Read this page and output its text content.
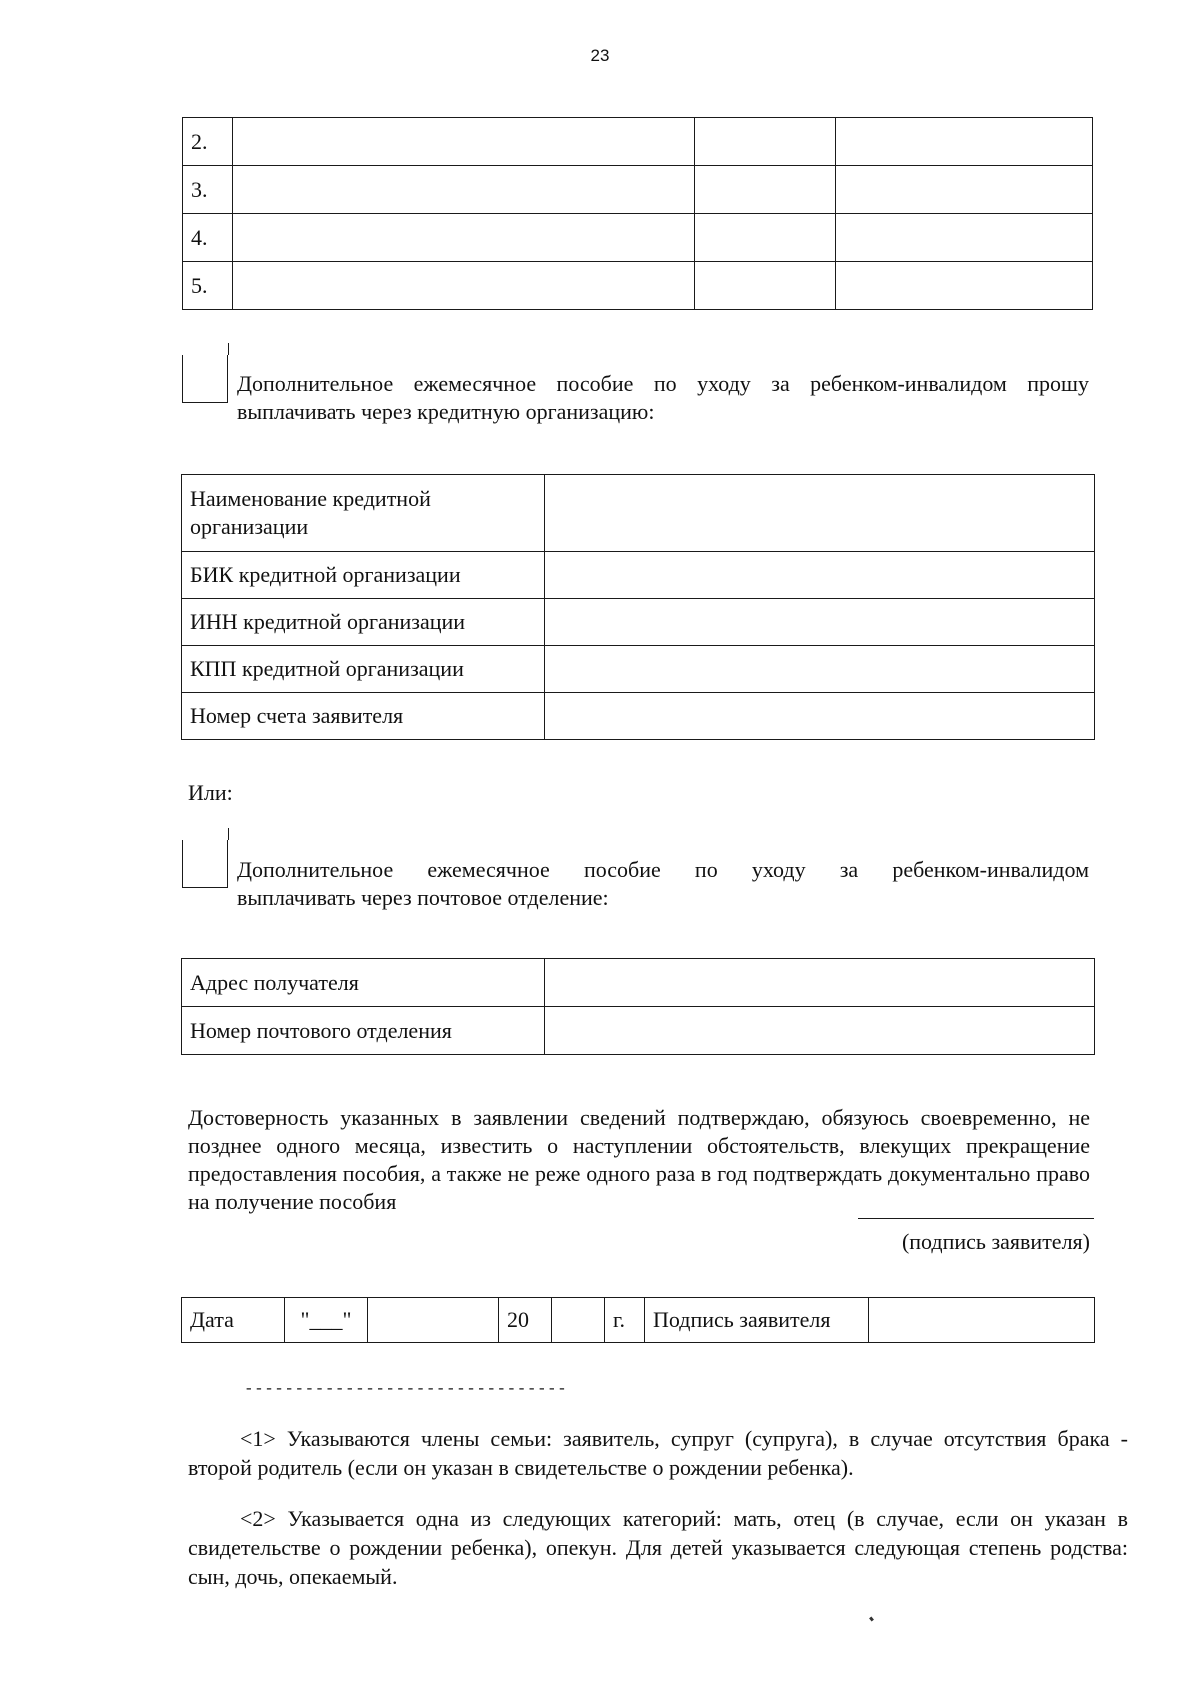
23
2.			
3.			
4.			
5.			
Дополнительное ежемесячное пособие по уходу за ребенком-инвалидом прошу
выплачивать через кредитную организацию:
Наименование кредитной организации	
БИК кредитной организации	
ИНН кредитной организации	
КПП кредитной организации	
Номер счета заявителя	
Или:
Дополнительное ежемесячное пособие по уходу за ребенком-инвалидом
выплачивать через почтовое отделение:
Адрес получателя	
Номер почтового отделения	
Достоверность указанных в заявлении сведений подтверждаю, обязуюсь своевременно, не позднее одного месяца, известить о наступлении обстоятельств, влекущих прекращение предоставления пособия, а также не реже одного раза в год подтверждать документально право на получение пособия
(подпись заявителя)
Дата	"___"		20		г.	Подпись заявителя	
--------------------------------
<1> Указываются члены семьи: заявитель, супруг (супруга), в случае отсутствия брака - второй родитель (если он указан в свидетельстве о рождении ребенка).
<2> Указывается одна из следующих категорий: мать, отец (в случае, если он указан в свидетельстве о рождении ребенка), опекун. Для детей указывается следующая степень родства: сын, дочь, опекаемый.
